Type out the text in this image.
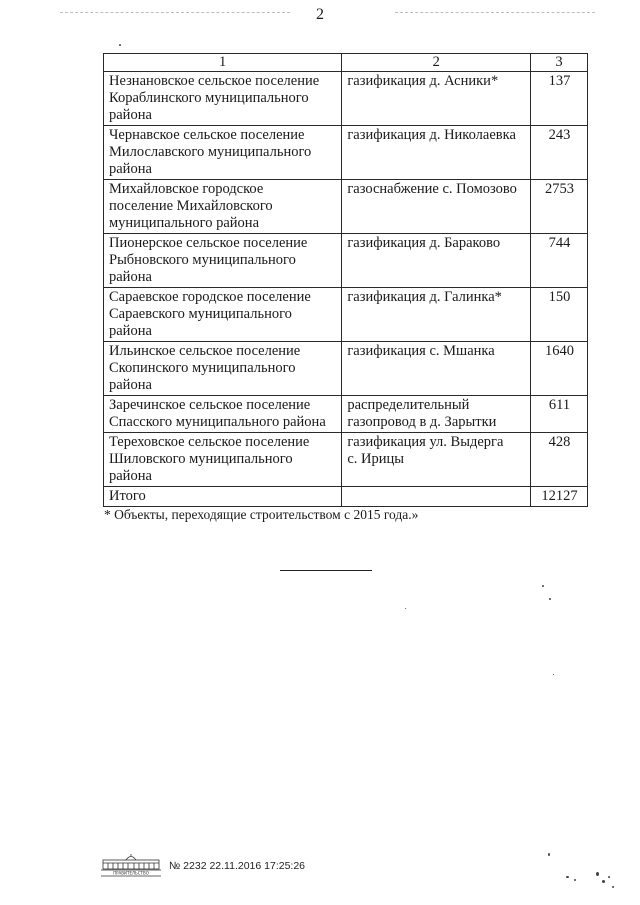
2
1	2	3
Незнановское сельское поселение
Кораблинского муниципального
района	газификация д. Асники*	137
Чернавское сельское поселение
Милославского муниципального
района	газификация д. Николаевка	243
Михайловское городское
поселение Михайловского
муниципального района	газоснабжение с. Помозово	2753
Пионерское сельское поселение
Рыбновского муниципального
района	газификация д. Бараково	744
Сараевское городское поселение
Сараевского муниципального
района	газификация д. Галинка*	150
Ильинское сельское поселение
Скопинского муниципального
района	газификация с. Мшанка	1640
Заречинское сельское поселение
Спасского муниципального района	распределительный
газопровод в д. Зарытки	611
Тереховское сельское поселение
Шиловского муниципального
района	газификация ул. Выдерга
с. Ирицы	428
Итого		12127
* Объекты, переходящие строительством с 2015 года.»
ПРАВИТЕЛЬСТВО
№ 2232 22.11.2016 17:25:26
